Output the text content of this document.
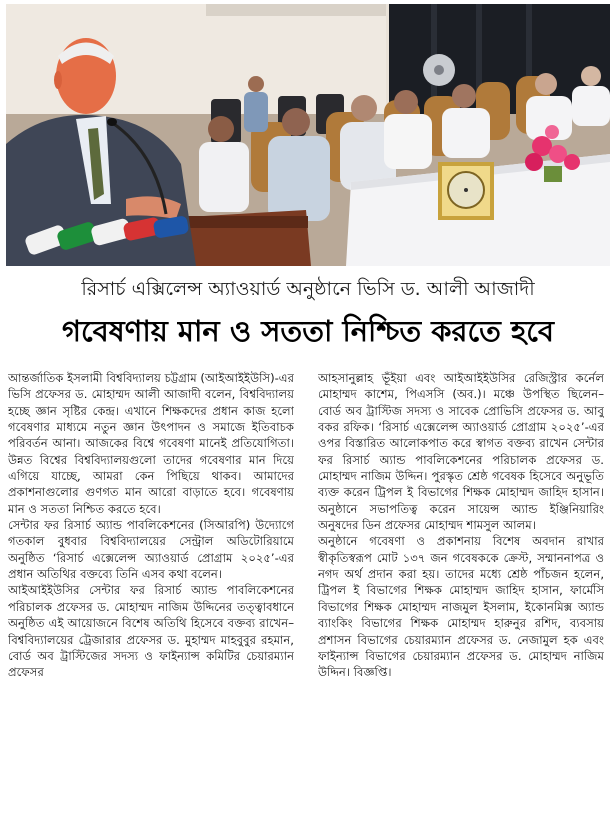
রিসার্চ এক্সিলেন্স অ্যাওয়ার্ড অনুষ্ঠানে ভিসি ড. আলী আজাদী
গবেষণায় মান ও সততা নিশ্চিত করতে হবে

আন্তর্জাতিক ইসলামী বিশ্ববিদ্যালয় চট্টগ্রাম (আইআইইউসি)-এর ভিসি প্রফেসর ড. মোহাম্মদ আলী আজাদী বলেন, বিশ্ববিদ্যালয় হচ্ছে জ্ঞান সৃষ্টির কেন্দ্র। এখানে শিক্ষকদের প্রধান কাজ হলো গবেষণার মাধ্যমে নতুন জ্ঞান উৎপাদন ও সমাজে ইতিবাচক পরিবর্তন আনা। আজকের বিশ্বে গবেষণা মানেই প্রতিযোগিতা। উন্নত বিশ্বের বিশ্ববিদ্যালয়গুলো তাদের গবেষণার মান দিয়ে এগিয়ে যাচ্ছে, আমরা কেন পিছিয়ে থাকব। আমাদের প্রকাশনাগুলোর গুণগত মান আরো বাড়াতে হবে। গবেষণায় মান ও সততা নিশ্চিত করতে হবে।

সেন্টার ফর রিসার্চ অ্যান্ড পাবলিকেশনের (সিআরপি) উদ্যোগে গতকাল বুধবার বিশ্ববিদ্যালয়ের সেন্ট্রাল অডিটোরিয়ামে অনুষ্ঠিত ‘রিসার্চ এক্সেলেন্স অ্যাওয়ার্ড প্রোগ্রাম ২০২৫’-এর প্রধান অতিথির বক্তব্যে তিনি এসব কথা বলেন।

আইআইইউসির সেন্টার ফর রিসার্চ অ্যান্ড পাবলিকেশনের পরিচালক প্রফেসর ড. মোহাম্মদ নাজিম উদ্দিনের তত্ত্বাবধানে অনুষ্ঠিত এই আয়োজনে বিশেষ অতিথি হিসেবে বক্তব্য রাখেন– বিশ্ববিদ্যালয়ের ট্রেজারার প্রফেসর ড. মুহাম্মদ মাহবুবুর রহমান, বোর্ড অব ট্রাস্টিজের সদস্য ও ফাইন্যান্স কমিটির চেয়ারম্যান প্রফেসর

আহসানুল্লাহ ভূঁইয়া এবং আইআইইউসির রেজিস্ট্রার কর্নেল মোহাম্মদ কাশেম, পিএসসি (অব.)। মঞ্চে উপস্থিত ছিলেন– বোর্ড অব ট্রাস্টিজ সদস্য ও সাবেক প্রোভিসি প্রফেসর ড. আবু বকর রফিক। ‘রিসার্চ এক্সেলেন্স অ্যাওয়ার্ড প্রোগ্রাম ২০২৫’-এর ওপর বিস্তারিত আলোকপাত করে স্বাগত বক্তব্য রাখেন সেন্টার ফর রিসার্চ অ্যান্ড পাবলিকেশনের পরিচালক প্রফেসর ড. মোহাম্মদ নাজিম উদ্দিন। পুরস্কৃত শ্রেষ্ঠ গবেষক হিসেবে অনুভূতি ব্যক্ত করেন ট্রিপল ই বিভাগের শিক্ষক মোহাম্মদ জাহিদ হাসান। অনুষ্ঠানে সভাপতিত্ব করেন সায়েন্স অ্যান্ড ইঞ্জিনিয়ারিং অনুষদের ডিন প্রফেসর মোহাম্মদ শামসুল আলম।

অনুষ্ঠানে গবেষণা ও প্রকাশনায় বিশেষ অবদান রাখার স্বীকৃতিস্বরূপ মোট ১৩৭ জন গবেষককে ক্রেস্ট, সম্মাননাপত্র ও নগদ অর্থ প্রদান করা হয়। তাদের মধ্যে শ্রেষ্ঠ পাঁচজন হলেন, ট্রিপল ই বিভাগের শিক্ষক মোহাম্মদ জাহিদ হাসান, ফার্মেসি বিভাগের শিক্ষক মোহাম্মদ নাজমুল ইসলাম, ইকোনমিক্স অ্যান্ড ব্যাংকিং বিভাগের শিক্ষক মোহাম্মদ হারুনুর রশিদ, ব্যবসায় প্রশাসন বিভাগের চেয়ারম্যান প্রফেসর ড. নেজামুল হক এবং ফাইন্যান্স বিভাগের চেয়ারম্যান প্রফেসর ড. মোহাম্মদ নাজিম উদ্দিন। বিজ্ঞপ্তি।
